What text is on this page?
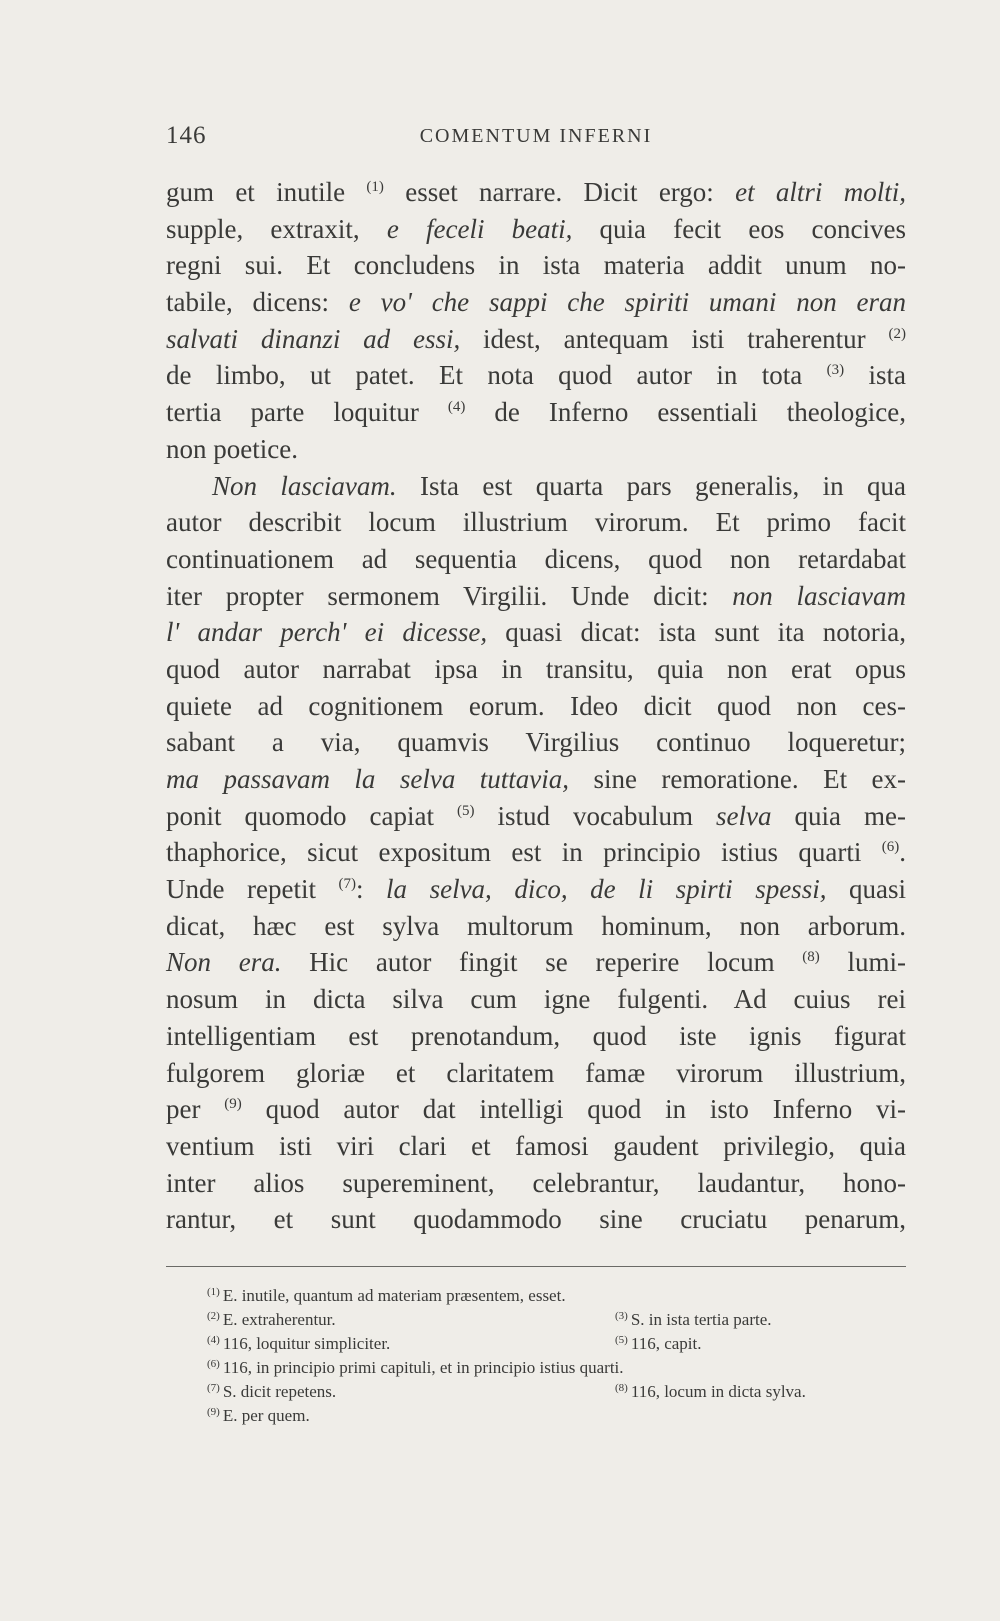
146	COMENTUM INFERNI
gum et inutile $^{(1)}$ esset narrare. Dicit ergo: et altri molti,
supple, extraxit, e feceli beati, quia fecit eos concives
regni sui. Et concludens in ista materia addit unum no-
tabile, dicens: e vo' che sappi che spiriti umani non eran
salvati dinanzi ad essi, idest, antequam isti traherentur $^{(2)}$
de limbo, ut patet. Et nota quod autor in tota $^{(3)}$ ista
tertia parte loquitur $^{(4)}$ de Inferno essentiali theologice,
non poetice.
Non lasciavam. Ista est quarta pars generalis, in qua
autor describit locum illustrium virorum. Et primo facit
continuationem ad sequentia dicens, quod non retardabat
iter propter sermonem Virgilii. Unde dicit: non lasciavam
l' andar perch' ei dicesse, quasi dicat: ista sunt ita notoria,
quod autor narrabat ipsa in transitu, quia non erat opus
quiete ad cognitionem eorum. Ideo dicit quod non ces-
sabant a via, quamvis Virgilius continuo loqueretur;
ma passavam la selva tuttavia, sine remoratione. Et ex-
ponit quomodo capiat $^{(5)}$ istud vocabulum selva quia me-
thaphorice, sicut expositum est in principio istius quarti $^{(6)}$.
Unde repetit $^{(7)}$: la selva, dico, de li spirti spessi, quasi
dicat, hæc est sylva multorum hominum, non arborum.
Non era. Hic autor fingit se reperire locum $^{(8)}$ lumi-
nosum in dicta silva cum igne fulgenti. Ad cuius rei
intelligentiam est prenotandum, quod iste ignis figurat
fulgorem gloriæ et claritatem famæ virorum illustrium,
per $^{(9)}$ quod autor dat intelligi quod in isto Inferno vi-
ventium isti viri clari et famosi gaudent privilegio, quia
inter alios supereminent, celebrantur, laudantur, hono-
rantur, et sunt quodammodo sine cruciatu penarum,
$^{(1)}$ E. inutile, quantum ad materiam præsentem, esset.
$^{(2)}$ E. extraherentur.	$^{(3)}$ S. in ista tertia parte.
$^{(4)}$ 116, loquitur simpliciter.	$^{(5)}$ 116, capit.
$^{(6)}$ 116, in principio primi capituli, et in principio istius quarti.
$^{(7)}$ S. dicit repetens.	$^{(8)}$ 116, locum in dicta sylva.
$^{(9)}$ E. per quem.
